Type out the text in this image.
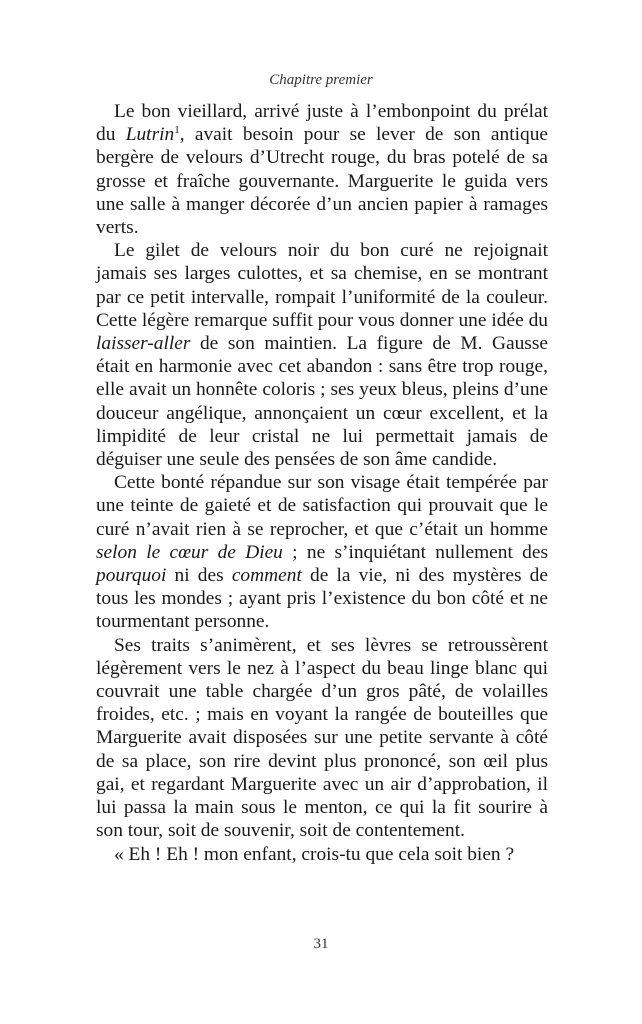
Chapitre premier

Le bon vieillard, arrivé juste à l’embonpoint du prélat du Lutrin$^1$, avait besoin pour se lever de son antique bergère de velours d’Utrecht rouge, du bras potelé de sa grosse et fraîche gouvernante. Marguerite le guida vers une salle à manger décorée d’un ancien papier à ramages verts.

Le gilet de velours noir du bon curé ne rejoignait jamais ses larges culottes, et sa chemise, en se montrant par ce petit intervalle, rompait l’uniformité de la couleur. Cette légère remarque suffit pour vous donner une idée du laisser-aller de son maintien. La figure de M. Gausse était en harmonie avec cet abandon : sans être trop rouge, elle avait un honnête coloris ; ses yeux bleus, pleins d’une douceur angélique, annonçaient un cœur excellent, et la limpidité de leur cristal ne lui permettait jamais de déguiser une seule des pensées de son âme candide.

Cette bonté répandue sur son visage était tempérée par une teinte de gaieté et de satisfaction qui prouvait que le curé n’avait rien à se reprocher, et que c’était un homme selon le cœur de Dieu ; ne s’inquiétant nullement des pourquoi ni des comment de la vie, ni des mystères de tous les mondes ; ayant pris l’existence du bon côté et ne tourmentant personne.

Ses traits s’animèrent, et ses lèvres se retroussèrent légèrement vers le nez à l’aspect du beau linge blanc qui couvrait une table chargée d’un gros pâté, de volailles froides, etc. ; mais en voyant la rangée de bouteilles que Marguerite avait disposées sur une petite servante à côté de sa place, son rire devint plus prononcé, son œil plus gai, et regardant Marguerite avec un air d’approbation, il lui passa la main sous le menton, ce qui la fit sourire à son tour, soit de souvenir, soit de contentement.

« Eh ! Eh ! mon enfant, crois-tu que cela soit bien ?

31
